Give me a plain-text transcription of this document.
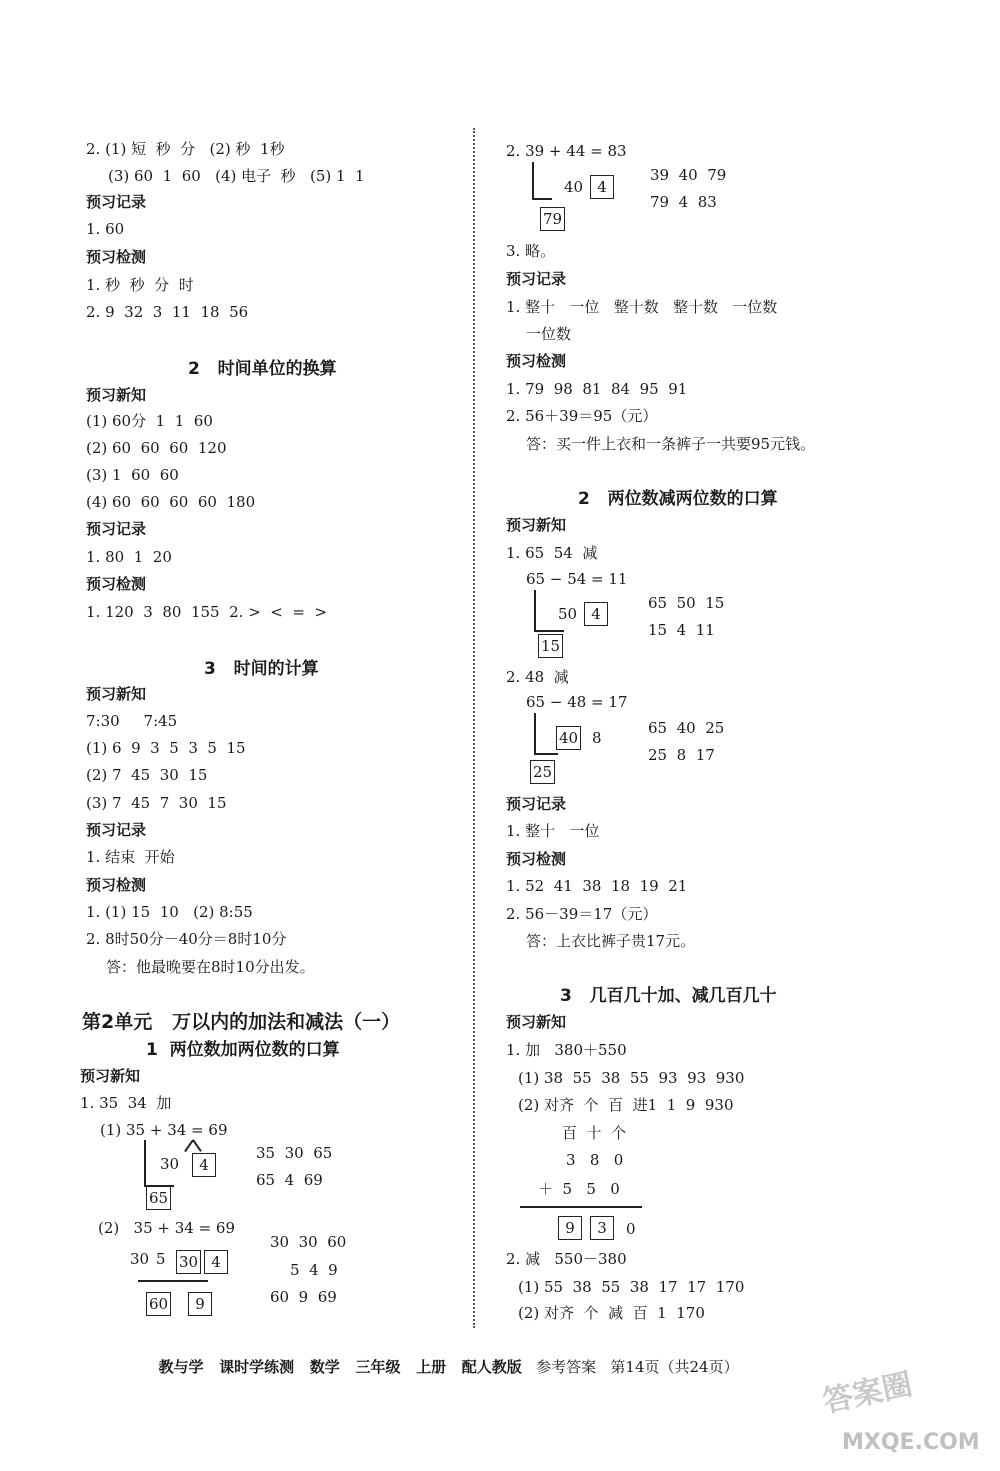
2. (1) 短  秒  分   (2) 秒  1秒
(3) 60  1  60   (4) 电子  秒   (5) 1  1
预习记录
1. 60
预习检测
1. 秒  秒  分  时
2. 9  32  3  11  18  56
2   时间单位的换算
预习新知
(1) 60分  1  1  60
(2) 60  60  60  120
(3) 1  60  60
(4) 60  60  60  60  180
预习记录
1. 80  1  20
预习检测
1. 120  3  80  155  2. >  <  =  >
3   时间的计算
预习新知
7:30     7:45
(1) 6  9  3  5  3  5  15
(2) 7  45  30  15
(3) 7  45  7  30  15
预习记录
1. 结束  开始
预习检测
1. (1) 15  10   (2) 8:55
2. 8时50分－40分＝8时10分
答：他最晚要在8时10分出发。
第2单元   万以内的加法和减法（一）
1  两位数加两位数的口算
预习新知
1. 35  34  加
(1) 35 + 34 = 69
30	4
65
35  30  65
65  4  69
(2)   35 + 34 = 69
30 5 30 4
60	9
30  30  60
5  4  9
60  9  69
2. 39 + 44 = 83
40 4
79
39  40  79
79  4  83
3. 略。
预习记录
1. 整十   一位   整十数   整十数   一位数
一位数
预习检测
1. 79  98  81  84  95  91
2. 56＋39＝95（元）
答：买一件上衣和一条裤子一共要95元钱。
2   两位数减两位数的口算
预习新知
1. 65  54  减
65 − 54 = 11
50 4
15
65  50  15
15  4  11
2. 48  减
65 − 48 = 17
40 8
25
65  40  25
25  8  17
预习记录
1. 整十   一位
预习检测
1. 52  41  38  18  19  21
2. 56－39＝17（元）
答：上衣比裤子贵17元。
3   几百几十加、减几百几十
预习新知
1. 加   380＋550
(1) 38  55  38  55  93  93  930
(2) 对齐  个  百  进1  1  9  930
百  十  个
3   8   0
＋  5   5   0
9	3	0
2. 减   550－380
(1) 55  38  55  38  17  17  170
(2) 对齐  个  减  百  1  170

教与学   课时学练测   数学   三年级   上册   配人教版   参考答案   第14页（共24页）	答案圈
MXQE.COM
